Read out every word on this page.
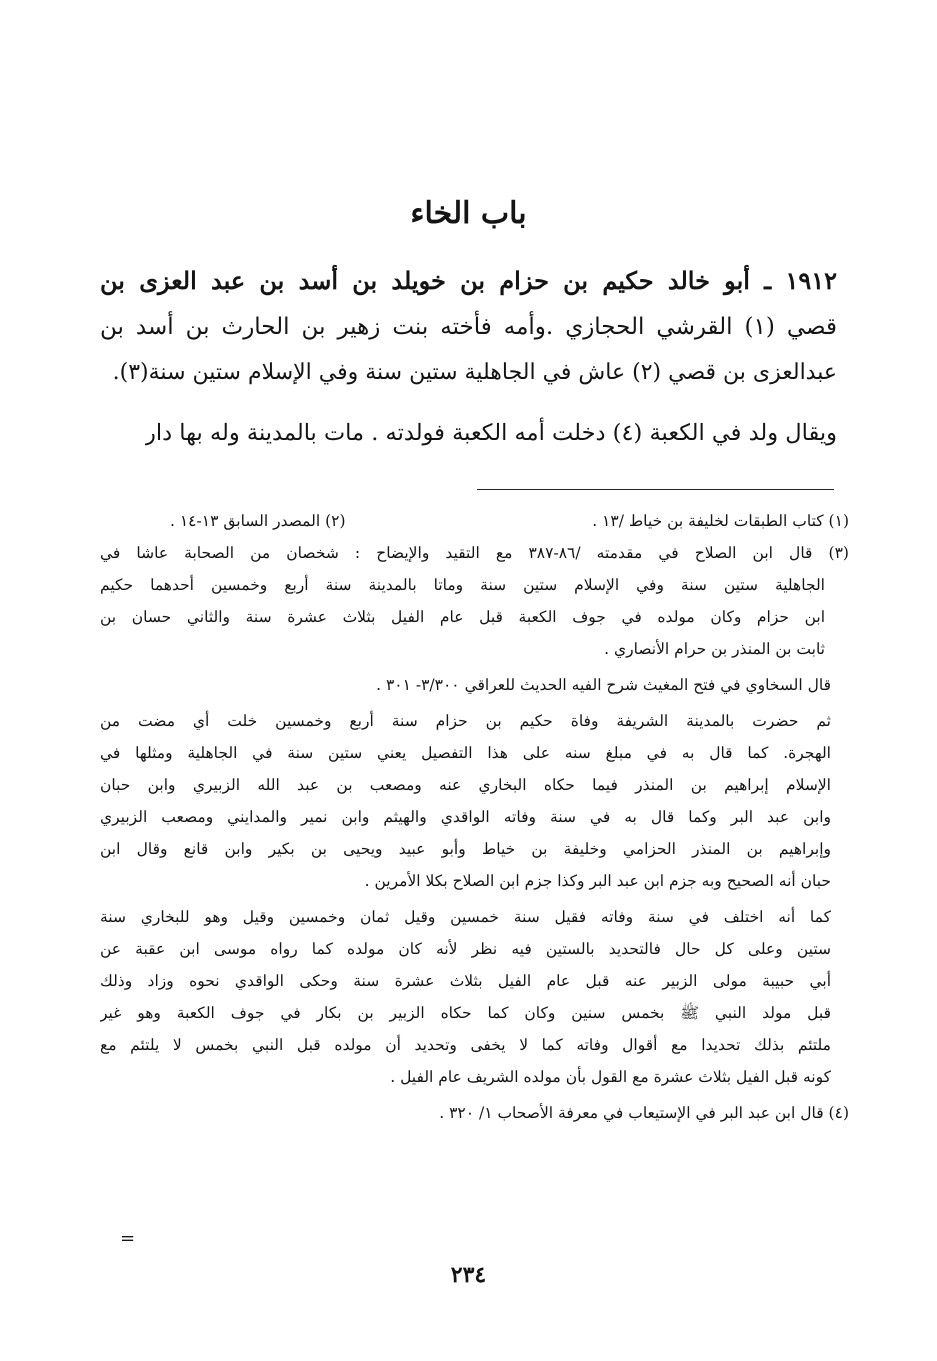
باب الخاء
١٩١٢ ـ أبو خالد حكيم بن حزام بن خويلد بن أسد بن عبد العزى بن
قصي (١) القرشي الحجازي .وأمه فأخته بنت زهير بن الحارث بن أسد بن
عبدالعزى بن قصي (٢) عاش في الجاهلية ستين سنة وفي الإسلام ستين سنة(٣).
ويقال ولد في الكعبة (٤) دخلت أمه الكعبة فولدته . مات بالمدينة وله بها دار
(١) كتاب الطبقات لخليفة بن خياط /١٣ .
(٢) المصدر السابق ١٣-١٤ .
(٣) قال ابن الصلاح في مقدمته /٨٦-٣٨٧ مع التقيد والإيضاح : شخصان من الصحابة عاشا في
الجاهلية ستين سنة وفي الإسلام ستين سنة وماتا بالمدينة سنة أربع وخمسين أحدهما حكيم
ابن حزام وكان مولده في جوف الكعبة قبل عام الفيل بثلاث عشرة سنة والثاني حسان بن
ثابت بن المنذر بن حرام الأنصاري .
قال السخاوي في فتح المغيث شرح الفيه الحديث للعراقي ٣/٣٠٠- ٣٠١ .
ثم حضرت بالمدينة الشريفة وفاة حكيم بن حزام سنة أربع وخمسين خلت أي مضت من
الهجرة. كما قال به في مبلغ سنه على هذا التفصيل يعني ستين سنة في الجاهلية ومثلها في
الإسلام إبراهيم بن المنذر فيما حكاه البخاري عنه ومصعب بن عبد الله الزبيري وابن حبان
وابن عبد البر وكما قال به في سنة وفاته الواقدي والهيثم وابن نمير والمدايني ومصعب الزبيري
وإبراهيم بن المنذر الحزامي وخليفة بن خياط وأبو عبيد ويحيى بن بكير وابن قانع وقال ابن
حبان أنه الصحيح وبه جزم ابن عبد البر وكذا جزم ابن الصلاح بكلا الأمرين .
كما أنه اختلف في سنة وفاته فقيل سنة خمسين وقيل ثمان وخمسين وقيل وهو للبخاري سنة
ستين وعلى كل حال فالتحديد بالستين فيه نظر لأنه كان مولده كما رواه موسى ابن عقبة عن
أبي حبيبة مولى الزبير عنه قبل عام الفيل بثلاث عشرة سنة وحكى الواقدي نحوه وزاد وذلك
قبل مولد النبي ﷺ بخمس سنين وكان كما حكاه الزبير بن بكار في جوف الكعبة وهو غير
ملتئم بذلك تحديدا مع أقوال وفاته كما لا يخفى وتحديد أن مولده قبل النبي بخمس لا يلتئم مع
كونه قبل الفيل بثلاث عشرة مع القول بأن مولده الشريف عام الفيل .
(٤) قال ابن عبد البر في الإستيعاب في معرفة الأصحاب ١/ ٣٢٠ .
=
٢٣٤
